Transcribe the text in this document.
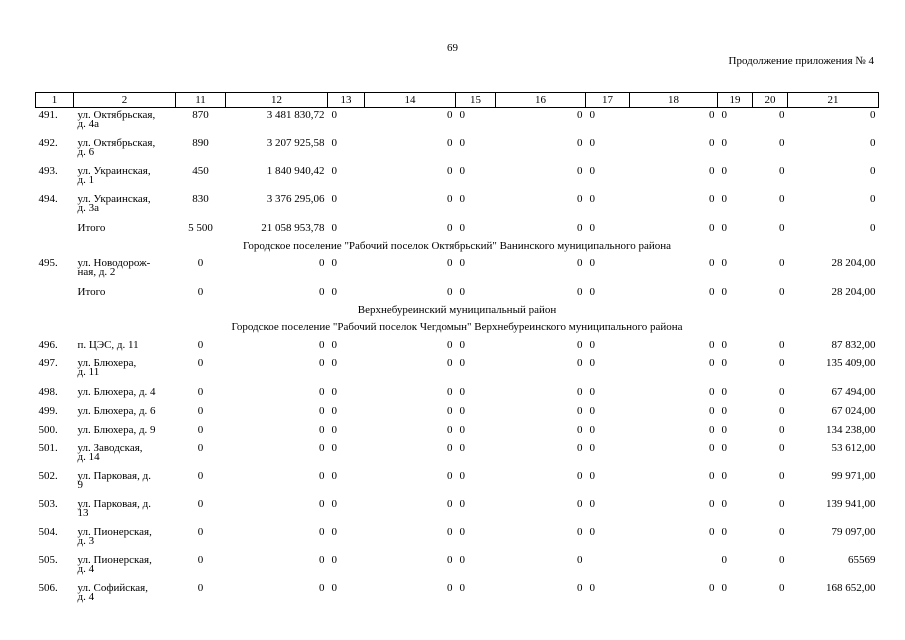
69
Продолжение приложения № 4
1	2	11	12	13	14	15	16	17	18	19	20	21
491.	ул. Октябрьская,
д. 4а	870	3 481 830,72	0	0	0	0	0	0	0	0	0
492.	ул. Октябрьская,
д. 6	890	3 207 925,58	0	0	0	0	0	0	0	0	0
493.	ул. Украинская,
д. 1	450	1 840 940,42	0	0	0	0	0	0	0	0	0
494.	ул. Украинская,
д. 3а	830	3 376 295,06	0	0	0	0	0	0	0	0	0
	Итого	5 500	21 058 953,78	0	0	0	0	0	0	0	0	0
Городское поселение "Рабочий поселок Октябрьский" Ванинского муниципального района												
495.	ул. Новодорож-
ная, д. 2	0	0	0	0	0	0	0	0	0	0	28 204,00
	Итого	0	0	0	0	0	0	0	0	0	0	28 204,00
Верхнебуреинский муниципальный район												
Городское поселение "Рабочий поселок Чегдомын" Верхнебуреинского муниципального района												
496.	п. ЦЭС, д. 11	0	0	0	0	0	0	0	0	0	0	87 832,00
497.	ул. Блюхера,
д. 11	0	0	0	0	0	0	0	0	0	0	135 409,00
498.	ул. Блюхера, д. 4	0	0	0	0	0	0	0	0	0	0	67 494,00
499.	ул. Блюхера, д. 6	0	0	0	0	0	0	0	0	0	0	67 024,00
500.	ул. Блюхера, д. 9	0	0	0	0	0	0	0	0	0	0	134 238,00
501.	ул. Заводская,
д. 14	0	0	0	0	0	0	0	0	0	0	53 612,00
502.	ул. Парковая, д.
9	0	0	0	0	0	0	0	0	0	0	99 971,00
503.	ул. Парковая, д.
13	0	0	0	0	0	0	0	0	0	0	139 941,00
504.	ул. Пионерская,
д. 3	0	0	0	0	0	0	0	0	0	0	79 097,00
505.	ул. Пионерская,
д. 4	0	0	0	0	0	0			0	0	65569
506.	ул. Софийская,
д. 4	0	0	0	0	0	0	0	0	0	0	168 652,00
